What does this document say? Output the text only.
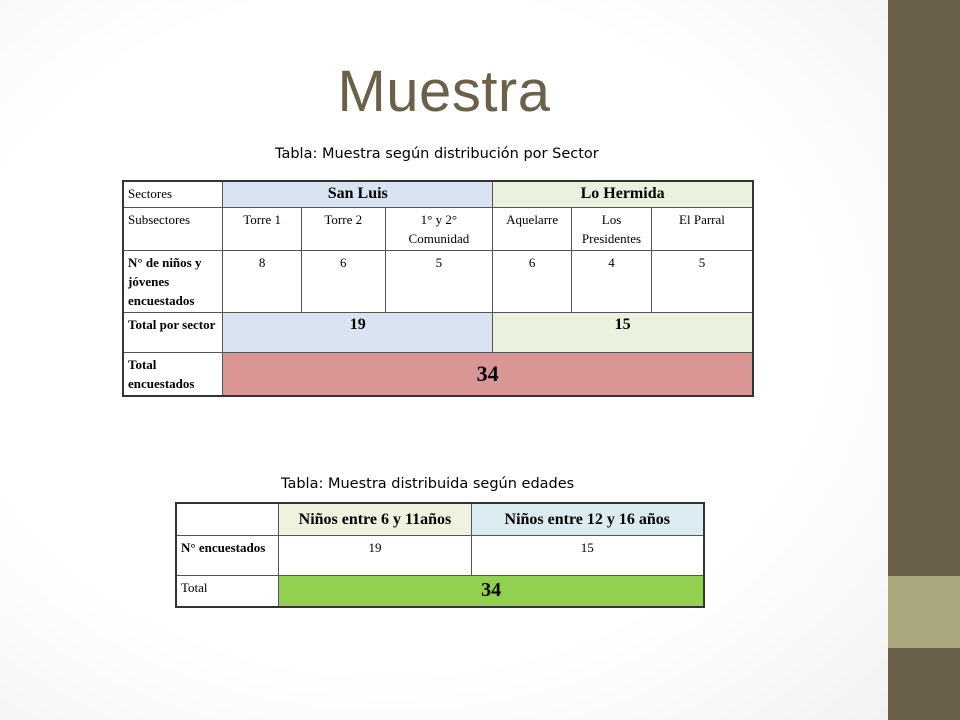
Muestra
Tabla: Muestra según distribución por Sector
Sectores	San Luis			Lo Hermida		
Subsectores	Torre 1	Torre 2	1° y 2° Comunidad	Aquelarre	Los Presidentes	El Parral
N° de niños y jóvenes encuestados	8	6	5	6	4	5
Total por sector	19			15		
Total encuestados	34					
Tabla: Muestra distribuida según edades
	Niños entre 6 y 11años	Niños entre 12 y 16 años
N° encuestados	19	15
Total	34	
